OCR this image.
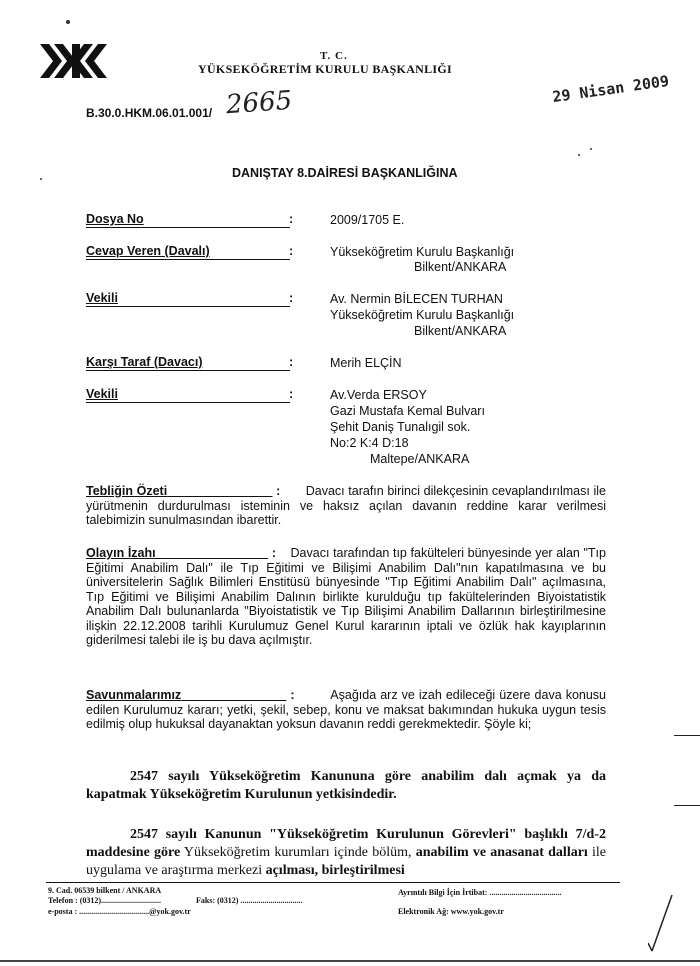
T. C.
YÜKSEKÖĞRETİM KURULU BAŞKANLIĞI
B.30.0.HKM.06.01.001/ 2665	29 Nisan 2009
DANIŞTAY 8.DAİRESİ BAŞKANLIĞINA
Dosya No	:	2009/1705 E.
Cevap Veren (Davalı)	:	Yükseköğretim Kurulu Başkanlığı
Bilkent/ANKARA
Vekili	:	Av. Nermin BİLECEN TURHAN
Yükseköğretim Kurulu Başkanlığı
Bilkent/ANKARA
Karşı Taraf (Davacı)	:	Merih ELÇİN
Vekili	:	Av.Verda ERSOY
Gazi Mustafa Kemal Bulvarı
Şehit Daniş Tunalıgil sok.
No:2 K:4 D:18
Maltepe/ANKARA
Tebliğin Özeti	: Davacı tarafın birinci dilekçesinin cevaplandırılması ile yürütmenin durdurulması isteminin ve haksız açılan davanın reddine karar verilmesi talebimizin sunulmasından ibarettir.
Olayın İzahı	: Davacı tarafından tıp fakülteleri bünyesinde yer alan "Tıp Eğitimi Anabilim Dalı" ile Tıp Eğitimi ve Bilişimi Anabilim Dalı"nın kapatılmasına ve bu üniversitelerin Sağlık Bilimleri Enstitüsü bünyesinde "Tıp Eğitimi Anabilim Dalı" açılmasına, Tıp Eğitimi ve Bilişimi Anabilim Dalının birlikte kurulduğu tıp fakültelerinden Biyoistatistik Anabilim Dalı bulunanlarda "Biyoistatistik ve Tıp Bilişimi Anabilim Dallarının birleştirilmesine ilişkin 22.12.2008 tarihli Kurulumuz Genel Kurul kararının iptali ve özlük hak kayıplarının giderilmesi talebi ile iş bu dava açılmıştır.
Savunmalarımız	:	Aşağıda arz ve izah edileceği üzere dava konusu edilen Kurulumuz kararı; yetki, şekil, sebep, konu ve maksat bakımından hukuka uygun tesis edilmiş olup hukuksal dayanaktan yoksun davanın reddi gerekmektedir. Şöyle ki;
2547 sayılı Yükseköğretim Kanununa göre anabilim dalı açmak ya da kapatmak Yükseköğretim Kurulunun yetkisindedir.
2547 sayılı Kanunun "Yükseköğretim Kurulunun Görevleri" başlıklı 7/d-2 maddesine göre Yükseköğretim kurumları içinde bölüm, anabilim ve anasanat dalları ile uygulama ve araştırma merkezi açılması, birleştirilmesi
9. Cad. 06539 bilkent / ANKARA
Telefon : (0312)..............................	Faks: (0312) ...............................
e-posta : ...................................@yok.gov.tr
Ayrıntılı Bilgi İçin İrtibat: ....................................
Elektronik Ağ: www.yok.gov.tr
